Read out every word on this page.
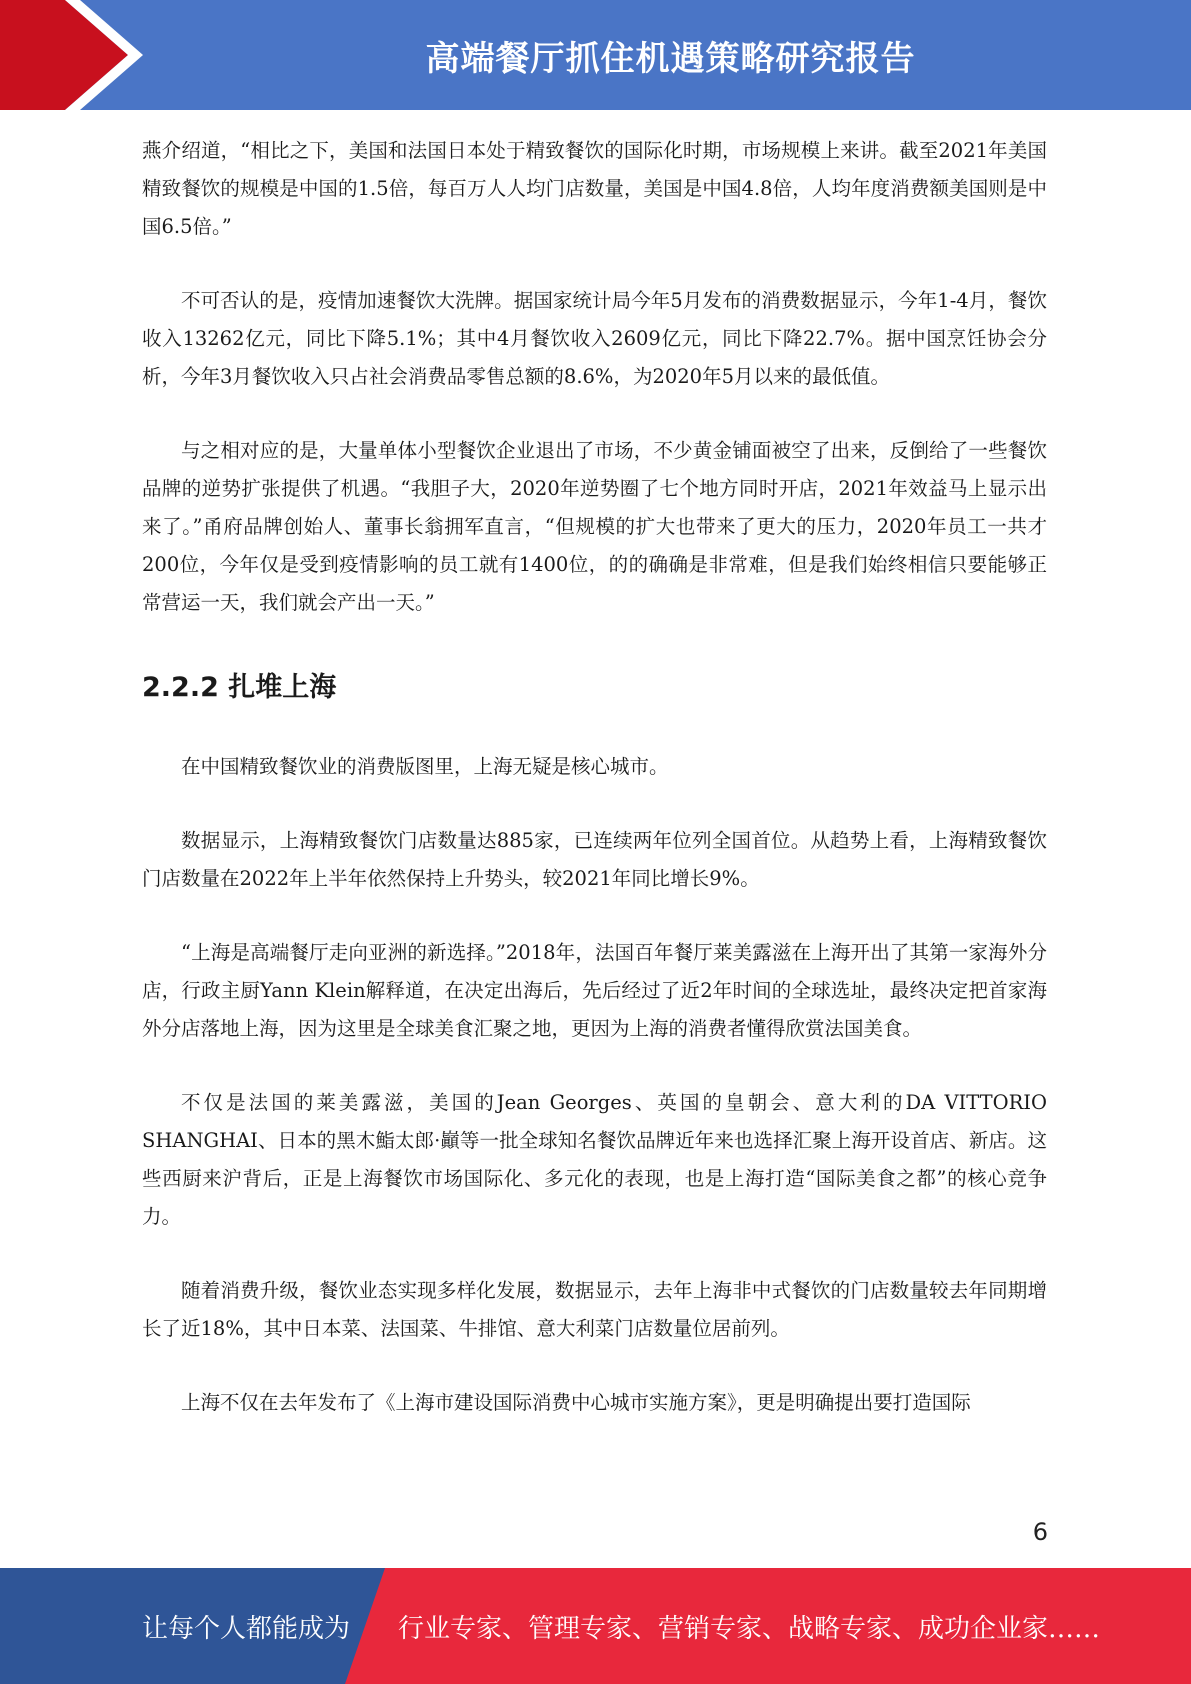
高端餐厅抓住机遇策略研究报告

燕介绍道，“相比之下，美国和法国日本处于精致餐饮的国际化时期，市场规模上来讲。截至2021年美国精致餐饮的规模是中国的1.5倍，每百万人人均门店数量，美国是中国4.8倍，人均年度消费额美国则是中国6.5倍。”

不可否认的是，疫情加速餐饮大洗牌。据国家统计局今年5月发布的消费数据显示，今年1-4月，餐饮收入13262亿元，同比下降5.1%；其中4月餐饮收入2609亿元，同比下降22.7%。据中国烹饪协会分析，今年3月餐饮收入只占社会消费品零售总额的8.6%，为2020年5月以来的最低值。

与之相对应的是，大量单体小型餐饮企业退出了市场，不少黄金铺面被空了出来，反倒给了一些餐饮品牌的逆势扩张提供了机遇。“我胆子大，2020年逆势圈了七个地方同时开店，2021年效益马上显示出来了。”甬府品牌创始人、董事长翁拥军直言，“但规模的扩大也带来了更大的压力，2020年员工一共才200位，今年仅是受到疫情影响的员工就有1400位，的的确确是非常难，但是我们始终相信只要能够正常营运一天，我们就会产出一天。”

2.2.2 扎堆上海

在中国精致餐饮业的消费版图里，上海无疑是核心城市。

数据显示，上海精致餐饮门店数量达885家，已连续两年位列全国首位。从趋势上看，上海精致餐饮门店数量在2022年上半年依然保持上升势头，较2021年同比增长9%。

“上海是高端餐厅走向亚洲的新选择。”2018年，法国百年餐厅莱美露滋在上海开出了其第一家海外分店，行政主厨Yann Klein解释道，在决定出海后，先后经过了近2年时间的全球选址，最终决定把首家海外分店落地上海，因为这里是全球美食汇聚之地，更因为上海的消费者懂得欣赏法国美食。

不仅是法国的莱美露滋，美国的Jean Georges、英国的皇朝会、意大利的DA VITTORIO SHANGHAI、日本的黑木鮨太郎·巓等一批全球知名餐饮品牌近年来也选择汇聚上海开设首店、新店。这些西厨来沪背后，正是上海餐饮市场国际化、多元化的表现，也是上海打造“国际美食之都”的核心竞争力。

随着消费升级，餐饮业态实现多样化发展，数据显示，去年上海非中式餐饮的门店数量较去年同期增长了近18%，其中日本菜、法国菜、牛排馆、意大利菜门店数量位居前列。

上海不仅在去年发布了《上海市建设国际消费中心城市实施方案》，更是明确提出要打造国际

6
让每个人都能成为 行业专家、管理专家、营销专家、战略专家、成功企业家……
